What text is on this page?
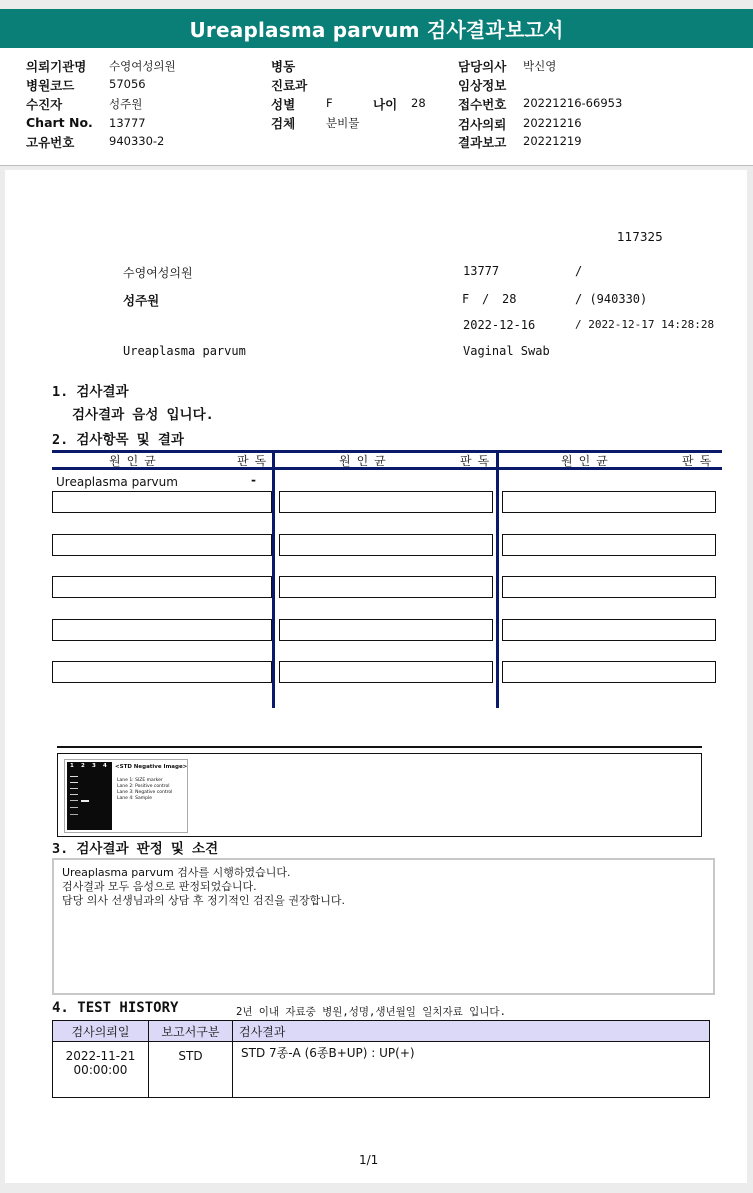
Ureaplasma parvum 검사결과보고서
의뢰기관명 수영여성의원
병원코드	57056
수진자	성주원
Chart No. 13777
고유번호	940330-2
병동
진료과
성별	F	나이 28
검체	분비물
담당의사 박신영
임상정보
접수번호 20221216-66953
검사의뢰 20221216
결과보고 20221219
117325
수영여성의원	13777	/
성주원	F / 28	/ (940330)
2022-12-16	/ 2022-12-17 14:28:28
Ureaplasma parvum	Vaginal Swab
1. 검사결과
검사결과 음성 입니다.
2. 검사항목 및 결과
원인균	판독	원인균	판독	원인균	판독
Ureaplasma parvum	-
1 2 3 4 <STD Negative Image>
Lane 1: SIZE marker
Lane 2: Positive control
Lane 3: Negative control
Lane 4: Sample
3. 검사결과 판정 및 소견
Ureaplasma parvum 검사를 시행하였습니다.
검사결과 모두 음성으로 판정되었습니다.
담당 의사 선생님과의 상담 후 정기적인 검진을 권장합니다.
4. TEST HISTORY	2년 이내 자료중 병원,성명,생년월일 일치자료 입니다.
검사의뢰일	보고서구분	검사결과

2022-11-21
00:00:00	STD	STD 7종-A (6종B+UP) : UP(+)
1/1
